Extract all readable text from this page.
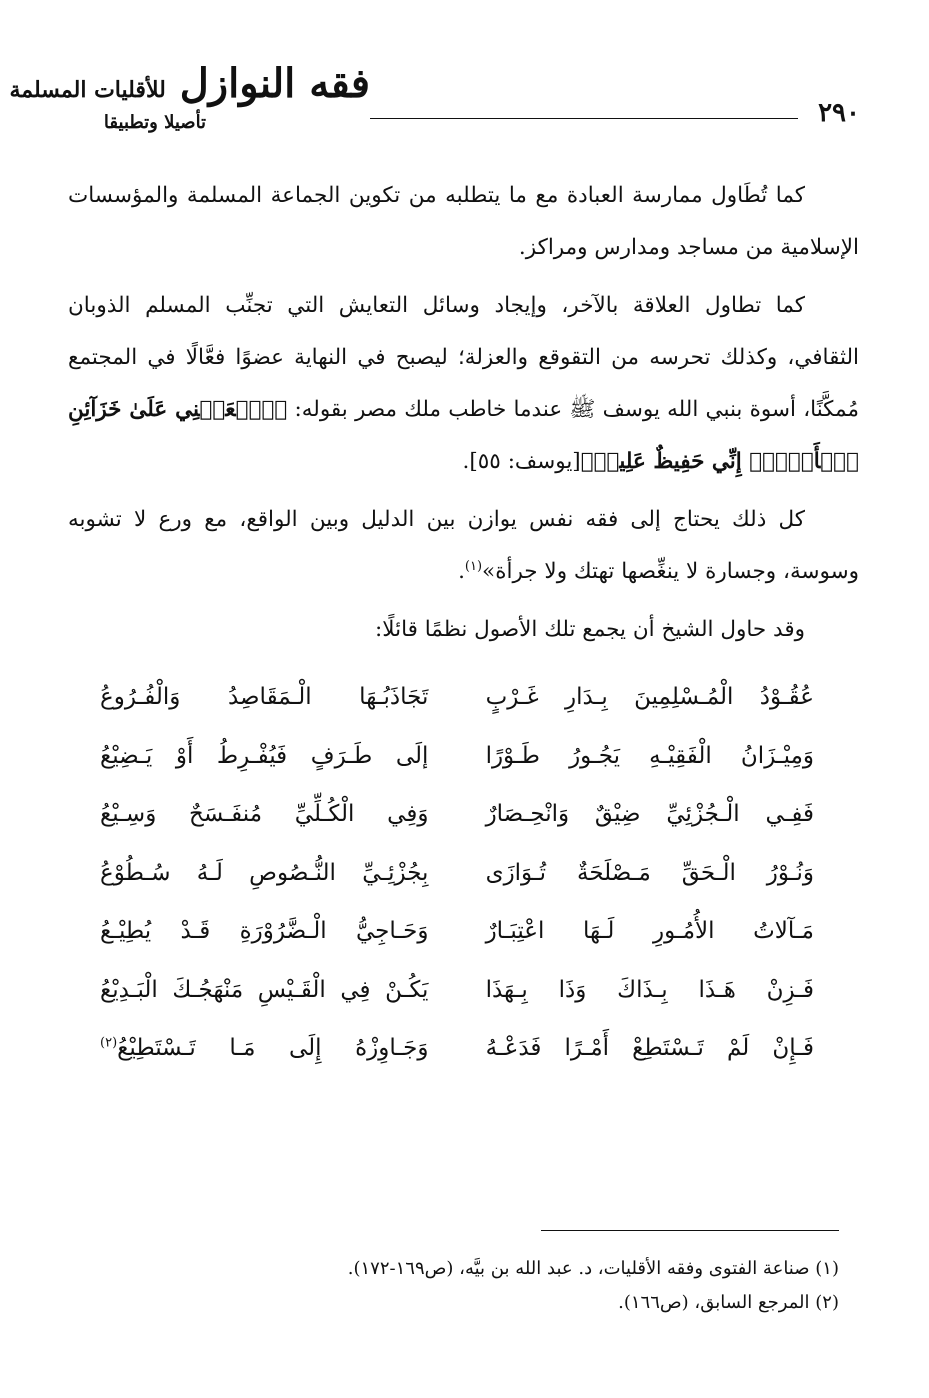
٢٩٠
فقه النوازل للأقليات المسلمة
تأصيلا وتطبيقا

كما تُطَاول ممارسة العبادة مع ما يتطلبه من تكوين الجماعة المسلمة والمؤسسات الإسلامية من مساجد ومدارس ومراكز.

كما تطاول العلاقة بالآخر، وإيجاد وسائل التعايش التي تجنِّب المسلم الذوبان الثقافي، وكذلك تحرسه من التقوقع والعزلة؛ ليصبح في النهاية عضوًا فعَّالًا في المجتمع مُمكَّنًا، أسوة بنبي الله يوسف ﷺ عندما خاطب ملك مصر بقوله: ﴿ٱجۡعَلۡنِي عَلَىٰ خَزَآئِنِ ٱلۡأَرۡضِۖ إِنِّي حَفِيظٌ عَلِيمٞ﴾[يوسف: ٥٥].

كل ذلك يحتاج إلى فقه نفس يوازن بين الدليل وبين الواقع، مع ورع لا تشوبه وسوسة، وجسارة لا ينغِّصها تهتك ولا جرأة»$^{(١)}$.

وقد حاول الشيخ أن يجمع تلك الأصول نظمًا قائلًا:

عُقُـوْدُ الْمُـسْلِمِينَ بِـدَارِ غَـرْبٍ
تَجَاذَبُـهَا الْـمَقَاصِدُ وَالْفُـرُوعُ
وَمِيْـزَانُ الْفَقِيْـهِ يَجُـورُ طَـوْرًا
إلَى طَـرَفٍ فَيُفْـرِطُ أَوْ يَـضِيْعُ
فَفِـي الْـجُزْئِيِّ ضِيْقٌ وَانْحِـصَارٌ
وَفِي الْكُـلِّيِّ مُنفَـسَحٌ وَسِـيْعُ
وَنُـوْرُ الْـحَقِّ مَـصْلَحَةٌ تُـوَازَى
بِجُزْئِـيِّ النُّـصُوصِ لَـهُ سُـطُوْعُ
مَـآلاتُ الأُمُـورِ لَـهَا اعْتِبَـارٌ
وَحَـاجِيُّ الْـضَّرُوْرَةِ قَـدْ يُطِيْـعُ
فَـزِنْ هَـذَا بِـذَاكَ وَذَا بِـهَذَا
يَكُـنْ فِي الْقَـيْسِ مَنْهَجُـكَ الْبَـدِيْعُ
فَـإِنْ لَمْ تَـسْتَطِعْ أَمْـرًا فَدَعْـهُ
وَجَـاوِزْهُ إِلَى مَـا تَـسْتَطِيْعُ$^{(٢)}$

(١) صناعة الفتوى وفقه الأقليات، د. عبد الله بن بيَّه، (ص١٦٩-١٧٢).

(٢) المرجع السابق، (ص١٦٦).
